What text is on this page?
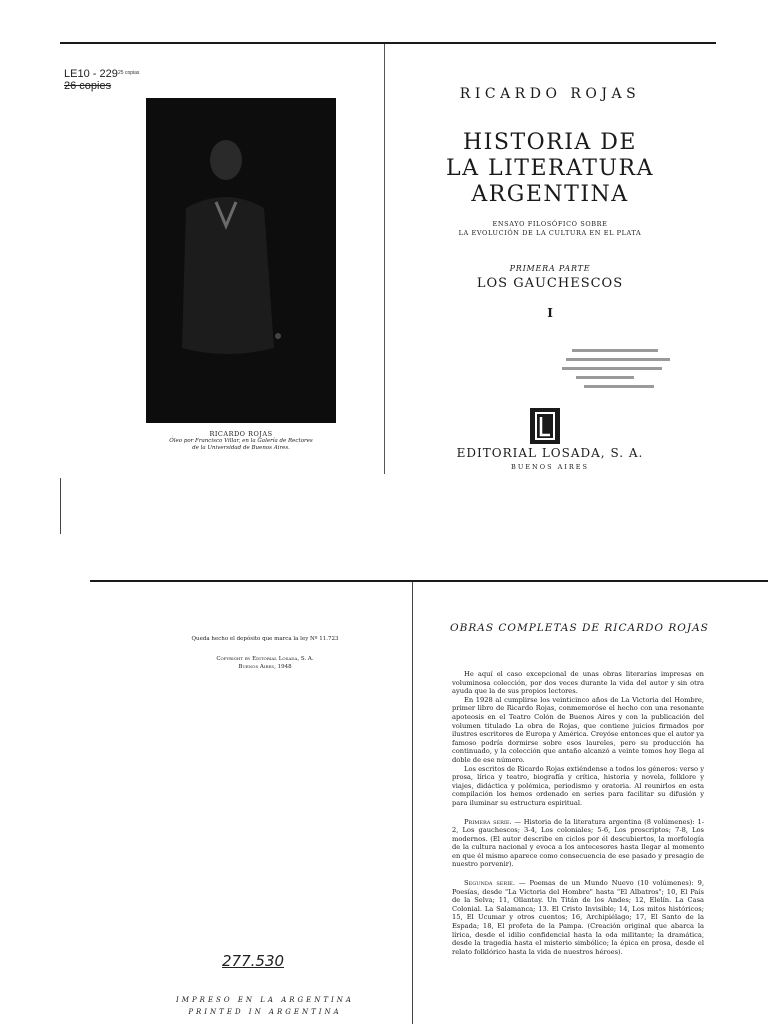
LE10 - 229
26 copies
25 copias
RICARDO ROJAS
Óleo por Francisco Villar, en la Galería de Rectores
de la Universidad de Buenos Aires.
RICARDO ROJAS
HISTORIA DE
LA LITERATURA
ARGENTINA
ENSAYO FILOSÓFICO SOBRE
LA EVOLUCIÓN DE LA CULTURA EN EL PLATA
PRIMERA PARTE
LOS GAUCHESCOS
I
EDITORIAL LOSADA, S. A.
BUENOS AIRES
Queda hecho el depósito que marca la ley Nº 11.723
Copyright by Editorial Losada, S. A.
Buenos Aires, 1948
277.530
IMPRESO EN LA ARGENTINA
PRINTED IN ARGENTINA
OBRAS COMPLETAS DE RICARDO ROJAS

He aquí el caso excepcional de unas obras literarias impresas en voluminosa colección, por dos veces durante la vida del autor y sin otra ayuda que la de sus propios lectores.

En 1928 al cumplirse los veinticinco años de La Victoria del Hombre, primer libro de Ricardo Rojas, conmemoróse el hecho con una resonante apoteosis en el Teatro Colón de Buenos Aires y con la publicación del volumen titulado La obra de Rojas, que contiene juicios firmados por ilustres escritores de Europa y América. Creyóse entonces que el autor ya famoso podría dormirse sobre esos laureles, pero su producción ha continuado, y la colección que antaño alcanzó a veinte tomos hoy llega al doble de ese número.

Los escritos de Ricardo Rojas extiéndense a todos los géneros: verso y prosa, lírica y teatro, biografía y crítica, historia y novela, folklore y viajes, didáctica y polémica, periodismo y oratoria. Al reunirlos en esta compilación los hemos ordenado en series para facilitar su difusión y para iluminar su estructura espiritual.

Primera serie. — Historia de la literatura argentina (8 volúmenes): 1-2, Los gauchescos; 3-4, Los coloniales; 5-6, Los proscriptos; 7-8, Los modernos. (El autor describe en ciclos por él descubiertos, la morfología de la cultura nacional y evoca a los antecesores hasta llegar al momento en que él mismo aparece como consecuencia de ese pasado y presagio de nuestro porvenir).

Segunda serie. — Poemas de un Mundo Nuevo (10 volúmenes): 9, Poesías, desde "La Victoria del Hombre" hasta "El Albatros"; 10, El País de la Selva; 11, Ollantay. Un Titán de los Andes; 12, Elelín. La Casa Colonial. La Salamanca; 13. El Cristo Invisible; 14, Los mitos históricos; 15, El Ucumar y otros cuentos; 16, Archipiélago; 17, El Santo de la Espada; 18, El profeta de la Pampa. (Creación original que abarca la lírica, desde el idilio confidencial hasta la oda militante; la dramática, desde la tragedia hasta el misterio simbólico; la épica en prosa, desde el relato folklórico hasta la vida de nuestros héroes).
